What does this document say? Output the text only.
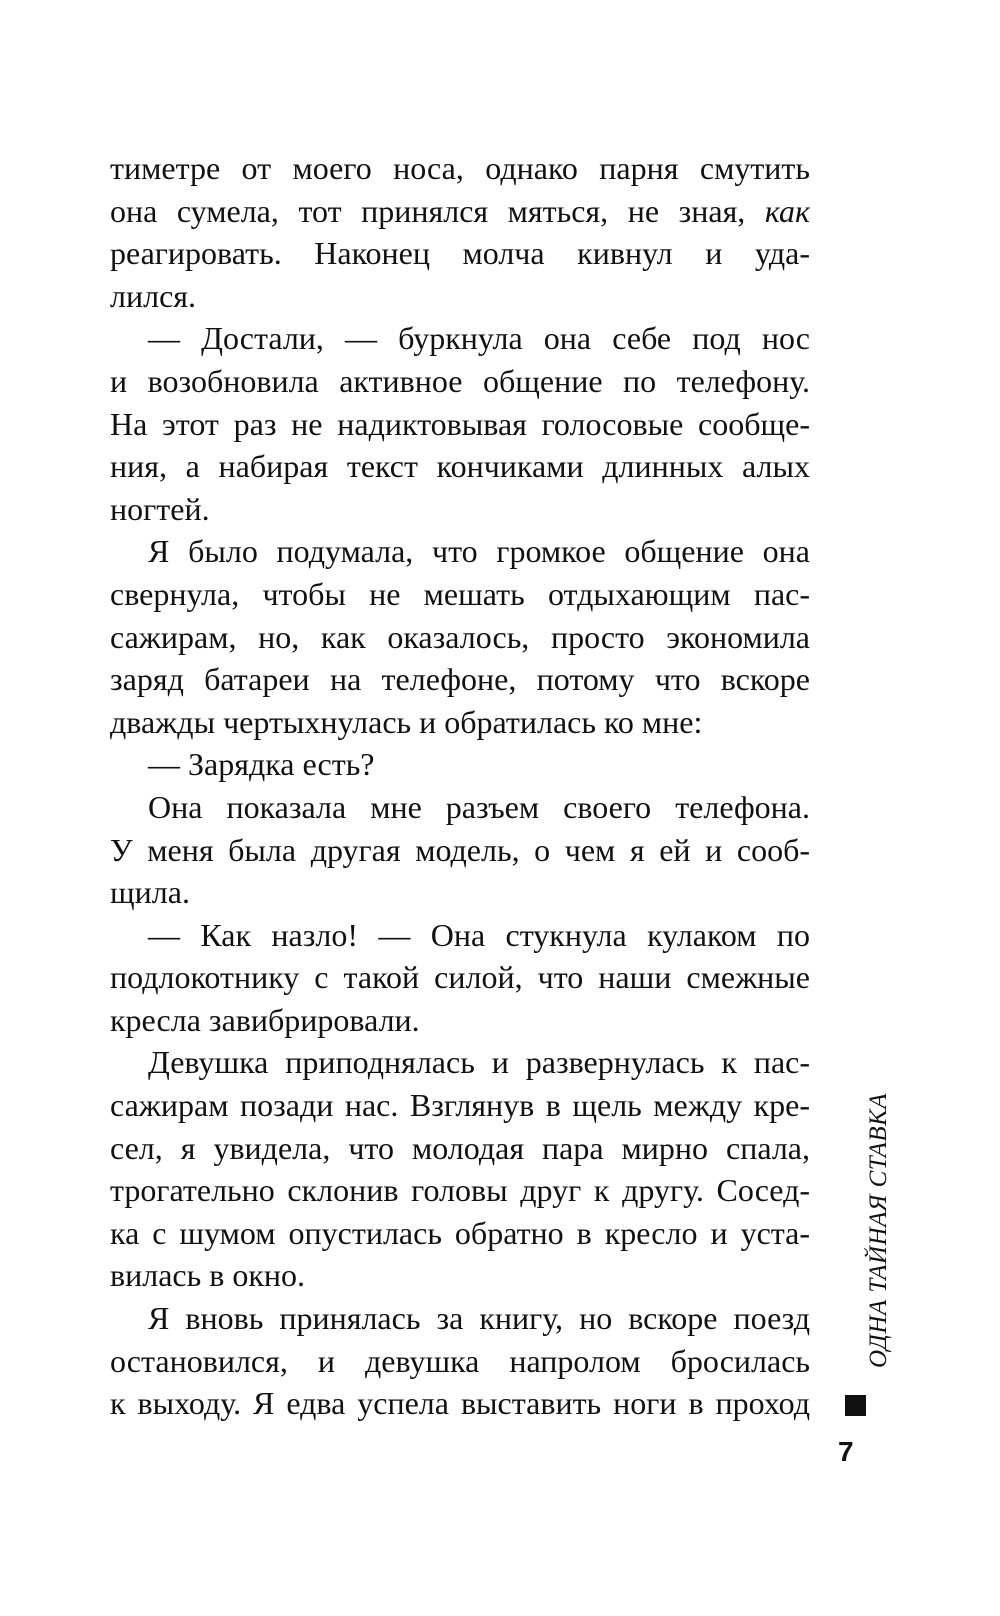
тиметре от моего носа, однако парня смутить
она сумела, тот принялся мяться, не зная, как
реагировать. Наконец молча кивнул и уда-
лился.
— Достали, — буркнула она себе под нос
и возобновила активное общение по телефону.
На этот раз не надиктовывая голосовые сообще-
ния, а набирая текст кончиками длинных алых
ногтей.
Я было подумала, что громкое общение она
свернула, чтобы не мешать отдыхающим пас-
сажирам, но, как оказалось, просто экономила
заряд батареи на телефоне, потому что вскоре
дважды чертыхнулась и обратилась ко мне:
— Зарядка есть?
Она показала мне разъем своего телефона.
У меня была другая модель, о чем я ей и сооб-
щила.
— Как назло! — Она стукнула кулаком по
подлокотнику с такой силой, что наши смежные
кресла завибрировали.
Девушка приподнялась и развернулась к пас-
сажирам позади нас. Взглянув в щель между кре-
сел, я увидела, что молодая пара мирно спала,
трогательно склонив головы друг к другу. Сосед-
ка с шумом опустилась обратно в кресло и уста-
вилась в окно.
Я вновь принялась за книгу, но вскоре поезд
остановился, и девушка напролом бросилась
к выходу. Я едва успела выставить ноги в проход
ОДНА ТАЙНАЯ СТАВКА
7
